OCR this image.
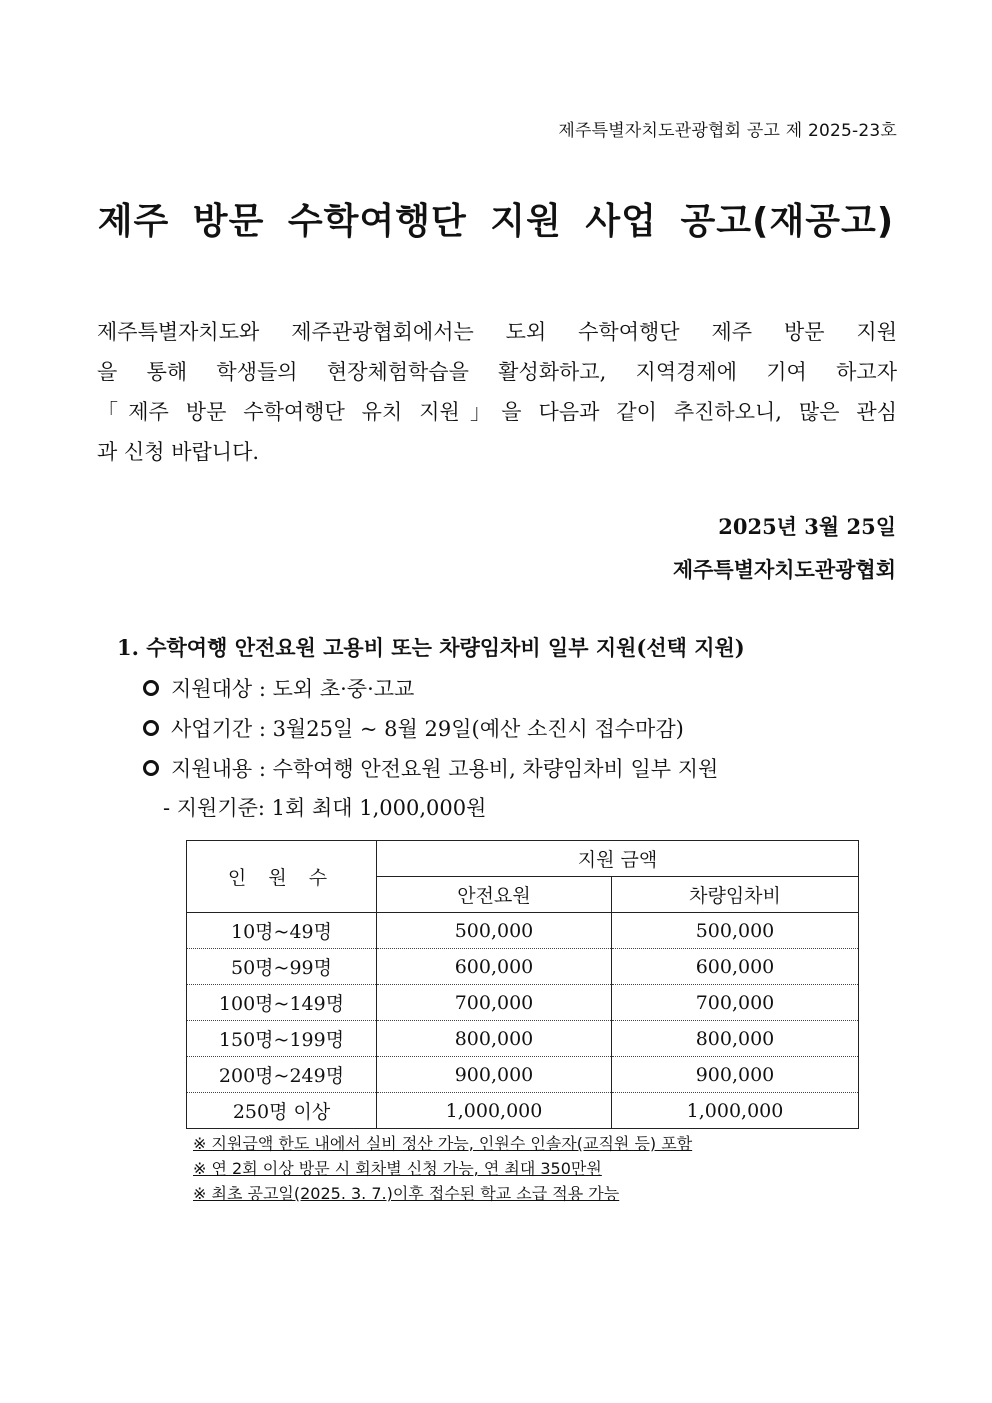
제주특별자치도관광협회 공고 제 2025-23호
제주 방문 수학여행단 지원 사업 공고(재공고)
제주특별자치도와 제주관광협회에서는 도외 수학여행단 제주 방문 지원
을 통해 학생들의 현장체험학습을 활성화하고, 지역경제에 기여 하고자
「제주 방문 수학여행단 유치 지원」을 다음과 같이 추진하오니, 많은 관심
과 신청 바랍니다.
2025년 3월 25일
제주특별자치도관광협회
1. 수학여행 안전요원 고용비 또는 차량임차비 일부 지원(선택 지원)
지원대상 : 도외 초·중·고교
사업기간 : 3월25일 ~ 8월 29일(예산 소진시 접수마감)
지원내용 : 수학여행 안전요원 고용비, 차량임차비 일부 지원
- 지원기준: 1회 최대 1,000,000원
인 원 수	지원 금액	
	안전요원	차량임차비
10명~49명	500,000	500,000
50명~99명	600,000	600,000
100명~149명	700,000	700,000
150명~199명	800,000	800,000
200명~249명	900,000	900,000
250명 이상	1,000,000	1,000,000
※ 지원금액 한도 내에서 실비 정산 가능, 인원수 인솔자(교직원 등) 포함
※ 연 2회 이상 방문 시 회차별 신청 가능, 연 최대 350만원
※ 최초 공고일(2025. 3. 7.)이후 접수된 학교 소급 적용 가능
